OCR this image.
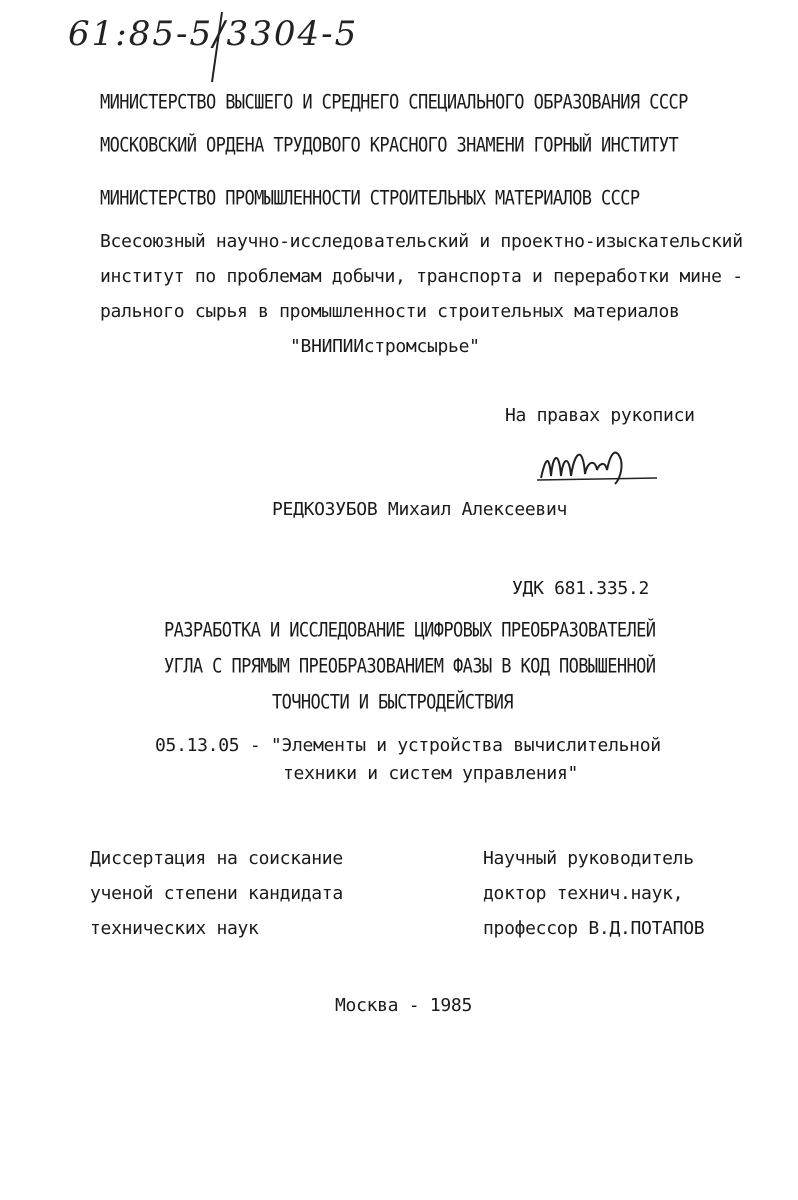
61:85-5/3304-5
МИНИСТЕРСТВО ВЫСШЕГО И СРЕДНЕГО СПЕЦИАЛЬНОГО ОБРАЗОВАНИЯ СССР
МОСКОВСКИЙ ОРДЕНА ТРУДОВОГО КРАСНОГО ЗНАМЕНИ ГОРНЫЙ ИНСТИТУТ
МИНИСТЕРСТВО ПРОМЫШЛЕННОСТИ СТРОИТЕЛЬНЫХ МАТЕРИАЛОВ СССР
Всесоюзный научно-исследовательский и проектно-изыскательский
институт по проблемам добычи, транспорта и переработки мине -
рального сырья в промышленности строительных материалов
"ВНИПИИстромсырье"
На правах рукописи
РЕДКОЗУБОВ Михаил Алексеевич
УДК 681.335.2
РАЗРАБОТКА И ИССЛЕДОВАНИЕ ЦИФРОВЫХ ПРЕОБРАЗОВАТЕЛЕЙ
УГЛА С ПРЯМЫМ ПРЕОБРАЗОВАНИЕМ ФАЗЫ В КОД ПОВЫШЕННОЙ
ТОЧНОСТИ И БЫСТРОДЕЙСТВИЯ
05.13.05 - "Элементы и устройства вычислительной
техники и систем управления"
Диссертация на соискание
ученой степени кандидата
технических наук
Научный руководитель
доктор технич.наук,
профессор В.Д.ПОТАПОВ
Москва - 1985
